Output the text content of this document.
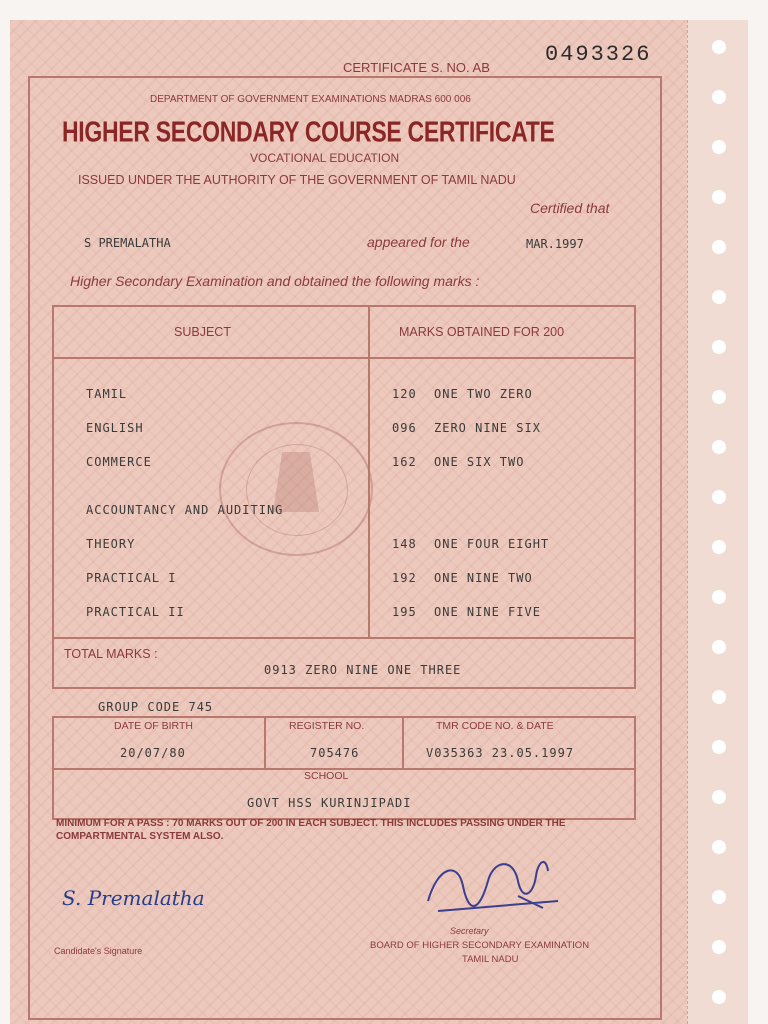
CERTIFICATE S. NO. AB
0493326
DEPARTMENT OF GOVERNMENT EXAMINATIONS MADRAS 600 006
HIGHER SECONDARY COURSE CERTIFICATE
VOCATIONAL EDUCATION
ISSUED UNDER THE AUTHORITY OF THE GOVERNMENT OF TAMIL NADU
Certified that
S PREMALATHA	appeared for the	MAR.1997
Higher Secondary Examination and obtained the following marks :
SUBJECT	MARKS OBTAINED FOR 200
TAMIL	120 ONE TWO ZERO
ENGLISH	096 ZERO NINE SIX
COMMERCE	162 ONE SIX TWO
ACCOUNTANCY AND AUDITING
THEORY	148 ONE FOUR EIGHT
PRACTICAL I	192 ONE NINE TWO
PRACTICAL II	195 ONE NINE FIVE
TOTAL MARKS :
0913 ZERO NINE ONE THREE
GROUP CODE 745
DATE OF BIRTH
20/07/80
REGISTER NO.
705476
TMR CODE NO. & DATE
V035363 23.05.1997
SCHOOL
GOVT HSS KURINJIPADI
MINIMUM FOR A PASS : 70 MARKS OUT OF 200 IN EACH SUBJECT. THIS INCLUDES PASSING UNDER THE COMPARTMENTAL SYSTEM ALSO.
S. Premalatha
Candidate's Signature
Secretary
BOARD OF HIGHER SECONDARY EXAMINATION
TAMIL NADU
